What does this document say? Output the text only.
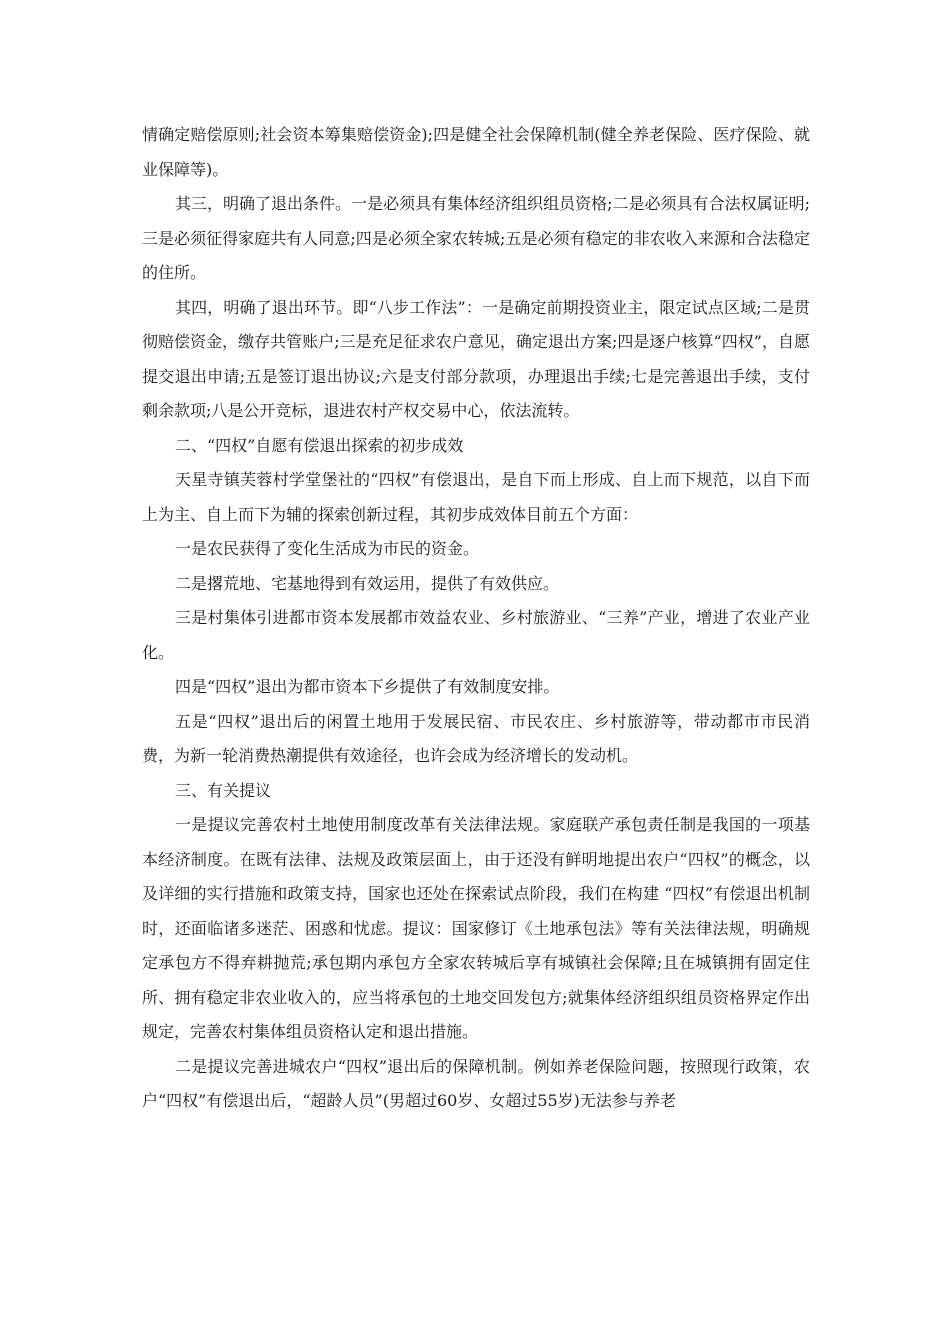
情确定赔偿原则;社会资本筹集赔偿资金);四是健全社会保障机制(健全养老保险、医疗保险、就业保障等)。

其三，明确了退出条件。一是必须具有集体经济组织组员资格;二是必须具有合法权属证明;三是必须征得家庭共有人同意;四是必须全家农转城;五是必须有稳定的非农收入来源和合法稳定的住所。

其四，明确了退出环节。即“八步工作法”：一是确定前期投资业主，限定试点区域;二是贯彻赔偿资金，缴存共管账户;三是充足征求农户意见，确定退出方案;四是逐户核算“四权”，自愿提交退出申请;五是签订退出协议;六是支付部分款项，办理退出手续;七是完善退出手续，支付剩余款项;八是公开竞标，退进农村产权交易中心，依法流转。

二、“四权”自愿有偿退出探索的初步成效

天星寺镇芙蓉村学堂堡社的“四权”有偿退出，是自下而上形成、自上而下规范，以自下而上为主、自上而下为辅的探索创新过程，其初步成效体目前五个方面：

一是农民获得了变化生活成为市民的资金。

二是撂荒地、宅基地得到有效运用，提供了有效供应。

三是村集体引进都市资本发展都市效益农业、乡村旅游业、“三养”产业，增进了农业产业化。

四是“四权”退出为都市资本下乡提供了有效制度安排。

五是“四权”退出后的闲置土地用于发展民宿、市民农庄、乡村旅游等，带动都市市民消费，为新一轮消费热潮提供有效途径，也许会成为经济增长的发动机。

三、有关提议

一是提议完善农村土地使用制度改革有关法律法规。家庭联产承包责任制是我国的一项基本经济制度。在既有法律、法规及政策层面上，由于还没有鲜明地提出农户“四权”的概念，以及详细的实行措施和政策支持，国家也还处在探索试点阶段，我们在构建 “四权”有偿退出机制时，还面临诸多迷茫、困惑和忧虑。提议：国家修订《土地承包法》等有关法律法规，明确规定承包方不得弃耕抛荒;承包期内承包方全家农转城后享有城镇社会保障;且在城镇拥有固定住所、拥有稳定非农业收入的，应当将承包的土地交回发包方;就集体经济组织组员资格界定作出规定，完善农村集体组员资格认定和退出措施。

二是提议完善进城农户“四权”退出后的保障机制。例如养老保险问题，按照现行政策，农户“四权”有偿退出后，“超龄人员”(男超过60岁、女超过55岁)无法参与养老
